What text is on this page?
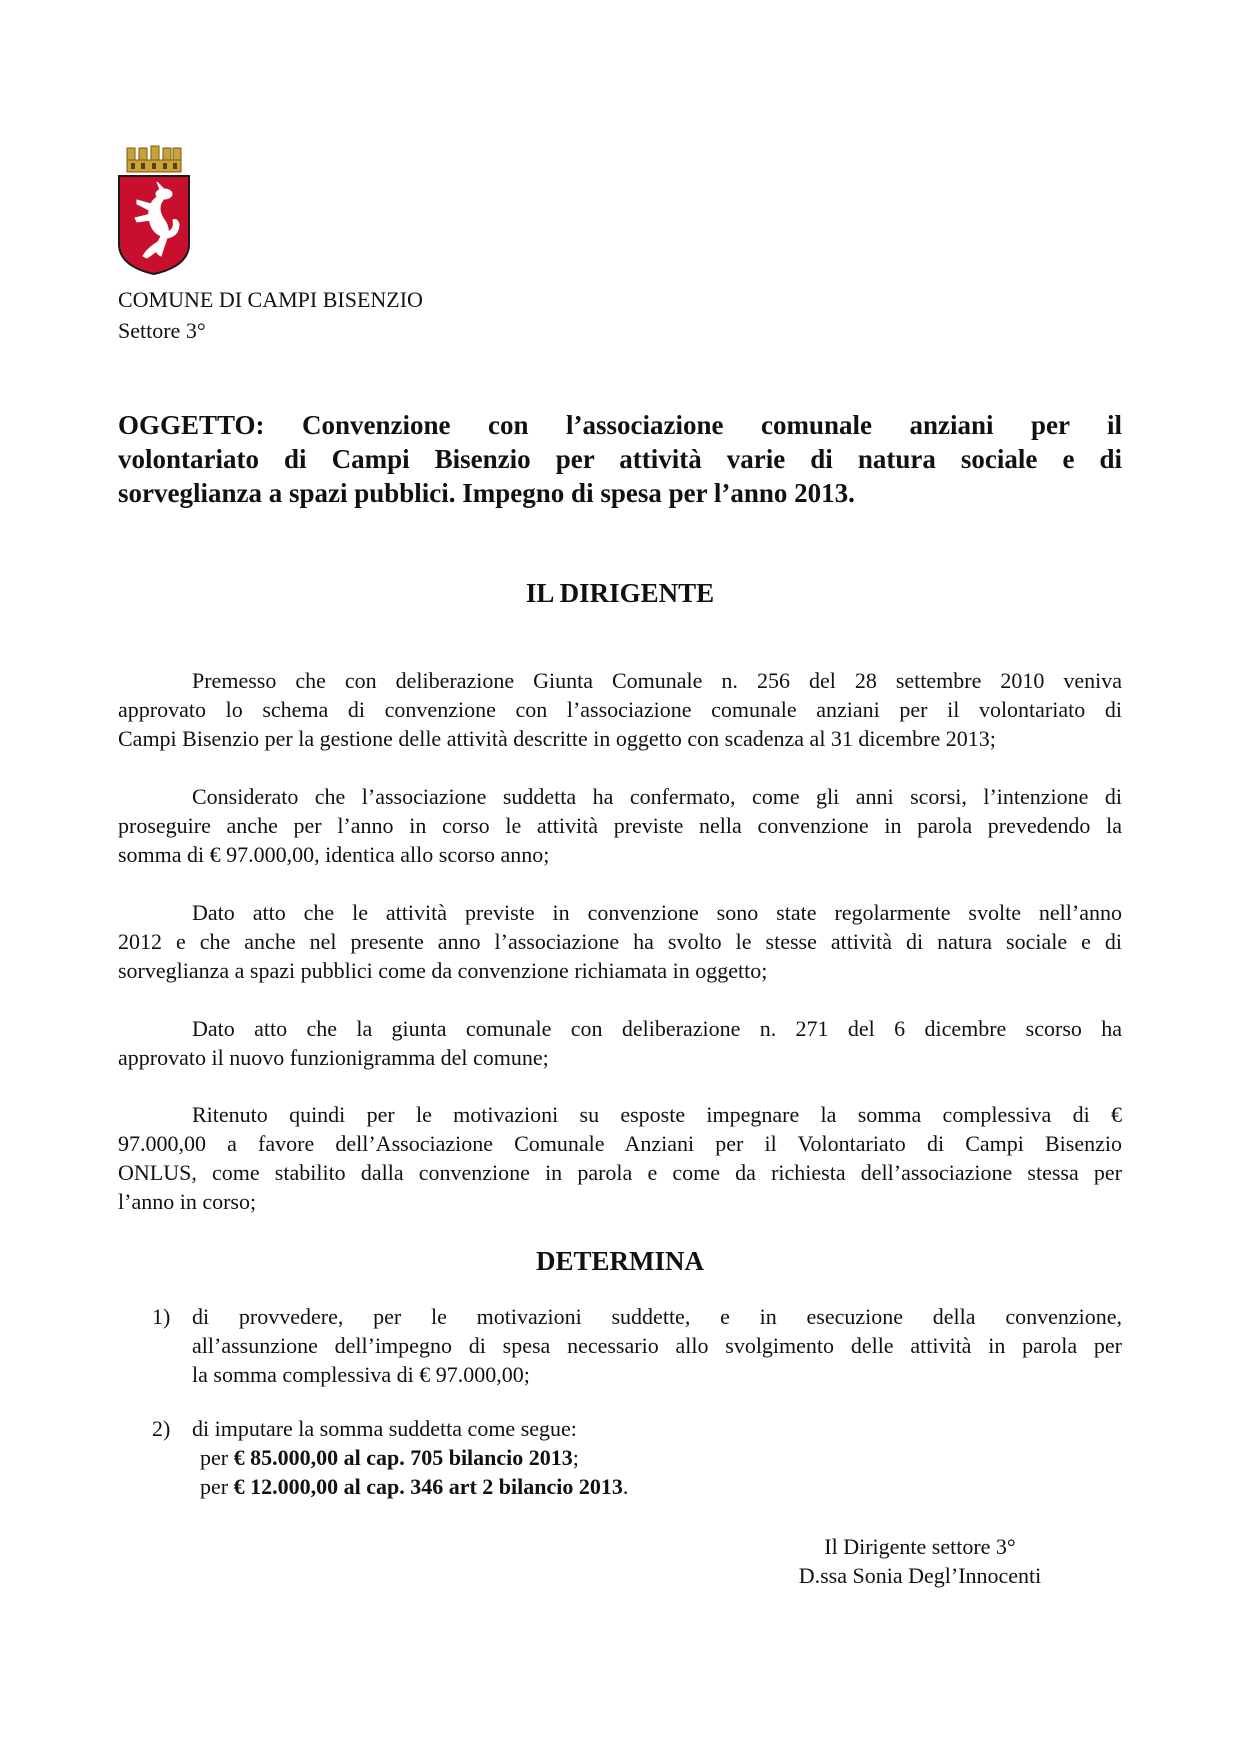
COMUNE DI CAMPI BISENZIO
Settore 3°
OGGETTO: Convenzione con l’associazione comunale anziani per il
volontariato di Campi Bisenzio per attività varie di natura sociale e di
sorveglianza a spazi pubblici. Impegno di spesa per l’anno 2013.
IL DIRIGENTE
Premesso che con deliberazione Giunta Comunale n. 256 del 28 settembre 2010 veniva
approvato lo schema di convenzione con l’associazione comunale anziani per il volontariato di
Campi Bisenzio per la gestione delle attività descritte in oggetto con scadenza al 31 dicembre 2013;
Considerato che l’associazione suddetta ha confermato, come gli anni scorsi, l’intenzione di
proseguire anche per l’anno in corso le attività previste nella convenzione in parola prevedendo la
somma di € 97.000,00, identica allo scorso anno;
Dato atto che le attività previste in convenzione sono state regolarmente svolte nell’anno
2012 e che anche nel presente anno l’associazione ha svolto le stesse attività di natura sociale e di
sorveglianza a spazi pubblici come da convenzione richiamata in oggetto;
Dato atto che la giunta comunale con deliberazione n. 271 del 6 dicembre scorso ha
approvato il nuovo funzionigramma del comune;
Ritenuto quindi per le motivazioni su esposte impegnare la somma complessiva di €
97.000,00 a favore dell’Associazione Comunale Anziani per il Volontariato di Campi Bisenzio
ONLUS, come stabilito dalla convenzione in parola e come da richiesta dell’associazione stessa per
l’anno in corso;
DETERMINA
1) di provvedere, per le motivazioni suddette, e in esecuzione della convenzione,
all’assunzione dell’impegno di spesa necessario allo svolgimento delle attività in parola per
la somma complessiva di € 97.000,00;
2) di imputare la somma suddetta come segue:
per € 85.000,00 al cap. 705 bilancio 2013;
per € 12.000,00 al cap. 346 art 2 bilancio 2013.
Il Dirigente settore 3°
D.ssa Sonia Degl’Innocenti
